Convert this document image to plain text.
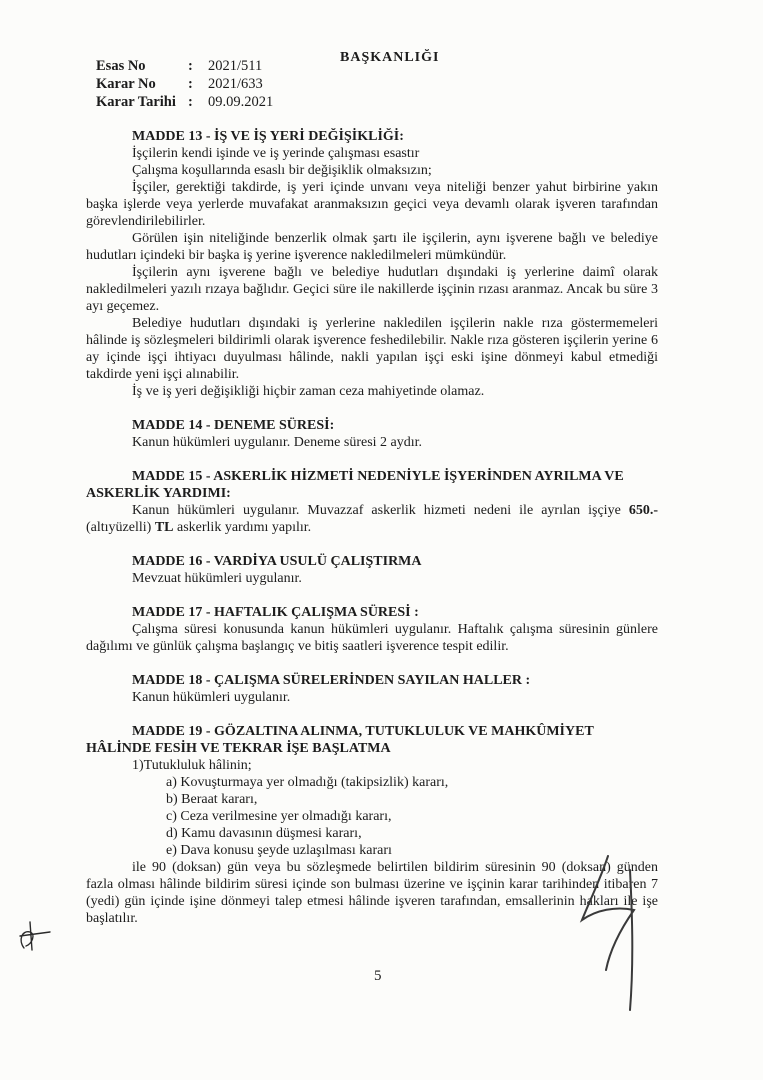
BAŞKANLIĞI
Esas No	: 2021/511
Karar No : 2021/633
Karar Tarihi : 09.09.2021

MADDE 13 - İŞ VE İŞ YERİ DEĞİŞİKLİĞİ:

İşçilerin kendi işinde ve iş yerinde çalışması esastır

Çalışma koşullarında esaslı bir değişiklik olmaksızın;

İşçiler, gerektiği takdirde, iş yeri içinde unvanı veya niteliği benzer yahut birbirine yakın başka işlerde veya yerlerde muvafakat aranmaksızın geçici veya devamlı olarak işveren tarafından görevlendirilebilirler.

Görülen işin niteliğinde benzerlik olmak şartı ile işçilerin, aynı işverene bağlı ve belediye hudutları içindeki bir başka iş yerine işverence nakledilmeleri mümkündür.

İşçilerin aynı işverene bağlı ve belediye hudutları dışındaki iş yerlerine daimî olarak nakledilmeleri yazılı rızaya bağlıdır. Geçici süre ile nakillerde işçinin rızası aranmaz. Ancak bu süre 3 ayı geçemez.

Belediye hudutları dışındaki iş yerlerine nakledilen işçilerin nakle rıza göstermemeleri hâlinde iş sözleşmeleri bildirimli olarak işverence feshedilebilir. Nakle rıza gösteren işçilerin yerine 6 ay içinde işçi ihtiyacı duyulması hâlinde, nakli yapılan işçi eski işine dönmeyi kabul etmediği takdirde yeni işçi alınabilir.

İş ve iş yeri değişikliği hiçbir zaman ceza mahiyetinde olamaz.

MADDE 14 - DENEME SÜRESİ:

Kanun hükümleri uygulanır. Deneme süresi 2 aydır.

MADDE 15 - ASKERLİK HİZMETİ NEDENİYLE İŞYERİNDEN AYRILMA VE ASKERLİK YARDIMI:

Kanun hükümleri uygulanır. Muvazzaf askerlik hizmeti nedeni ile ayrılan işçiye 650.- (altıyüzelli) TL askerlik yardımı yapılır.

MADDE 16 - VARDİYA USULÜ ÇALIŞTIRMA

Mevzuat hükümleri uygulanır.

MADDE 17 - HAFTALIK ÇALIŞMA SÜRESİ :

Çalışma süresi konusunda kanun hükümleri uygulanır. Haftalık çalışma süresinin günlere dağılımı ve günlük çalışma başlangıç ve bitiş saatleri işverence tespit edilir.

MADDE 18 - ÇALIŞMA SÜRELERİNDEN SAYILAN HALLER :

Kanun hükümleri uygulanır.

MADDE 19 - GÖZALTINA ALINMA, TUTUKLULUK VE MAHKÛMİYET HÂLİNDE FESİH VE TEKRAR İŞE BAŞLATMA

1)Tutukluluk hâlinin;

a) Kovuşturmaya yer olmadığı (takipsizlik) kararı,

b) Beraat kararı,

c) Ceza verilmesine yer olmadığı kararı,

d) Kamu davasının düşmesi kararı,

e) Dava konusu şeyde uzlaşılması kararı

ile 90 (doksan) gün veya bu sözleşmede belirtilen bildirim süresinin 90 (doksan) günden fazla olması hâlinde bildirim süresi içinde son bulması üzerine ve işçinin karar tarihinden itibaren 7 (yedi) gün içinde işine dönmeyi talep etmesi hâlinde işveren tarafından, emsallerinin hakları ile işe başlatılır.

5
